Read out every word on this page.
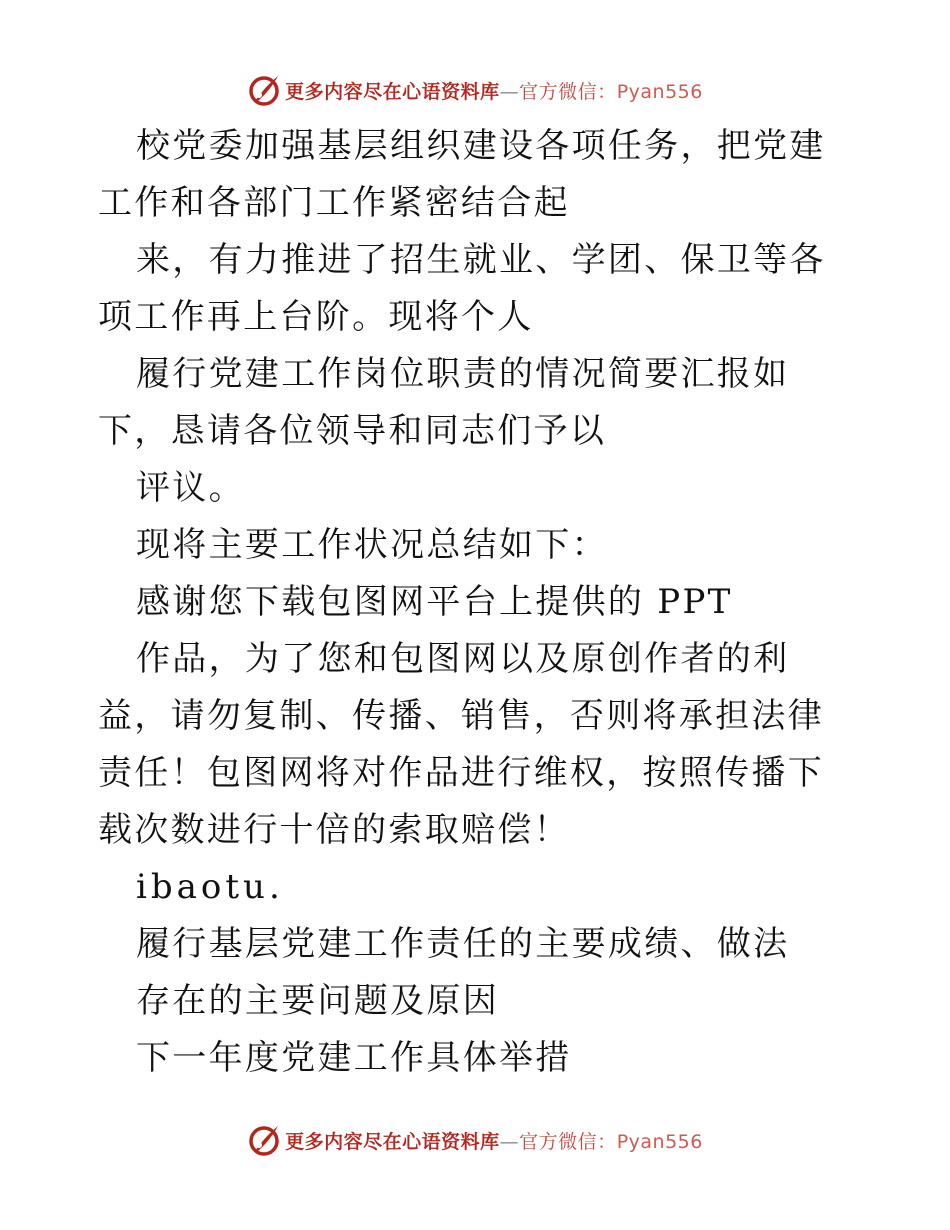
更多内容尽在心语资料库—官方微信：Pyan556

校党委加强基层组织建设各项任务，把党建工作和各部门工作紧密结合起

来，有力推进了招生就业、学团、保卫等各项工作再上台阶。现将个人

履行党建工作岗位职责的情况简要汇报如下，恳请各位领导和同志们予以

评议。

现将主要工作状况总结如下：

感谢您下载包图网平台上提供的 PPT

作品，为了您和包图网以及原创作者的利益，请勿复制、传播、销售，否则将承担法律责任！包图网将对作品进行维权，按照传播下载次数进行十倍的索取赔偿！

ibaotu.

履行基层党建工作责任的主要成绩、做法

存在的主要问题及原因

下一年度党建工作具体举措

更多内容尽在心语资料库—官方微信：Pyan556
